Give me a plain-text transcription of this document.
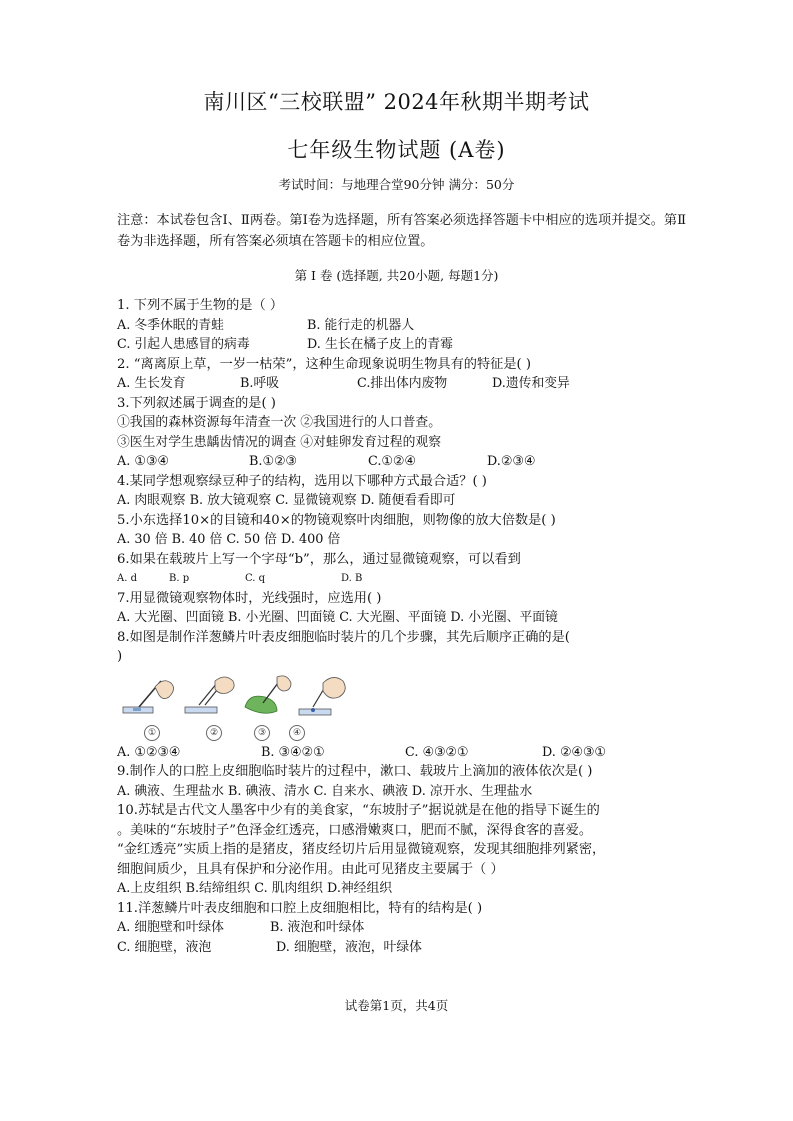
南川区“三校联盟” 2024年秋期半期考试
七年级生物试题 (A卷)
考试时间：与地理合堂90分钟 满分：50分
注意：本试卷包含Ⅰ、Ⅱ两卷。第Ⅰ卷为选择题，所有答案必须选择答题卡中相应的选项并提交。第Ⅱ卷为非选择题，所有答案必须填在答题卡的相应位置。
第 Ⅰ 卷 (选择题, 共20小题, 每题1分)
1. 下列不属于生物的是（ ）
A. 冬季休眠的青蛙	B. 能行走的机器人
C. 引起人患感冒的病毒	D. 生长在橘子皮上的青霉
2. “离离原上草，一岁一枯荣”，这种生命现象说明生物具有的特征是( )
A. 生长发育	B.呼吸	C.排出体内废物	D.遗传和变异
3.下列叙述属于调查的是( )
①我国的森林资源每年清查一次 ②我国进行的人口普查。
③医生对学生患龋齿情况的调查 ④对蛙卵发育过程的观察
A. ①③④	B.①②③	C.①②④	D.②③④
4.某同学想观察绿豆种子的结构，选用以下哪种方式最合适？( )
A. 肉眼观察 B. 放大镜观察 C. 显微镜观察 D. 随便看看即可
5.小东选择10×的目镜和40×的物镜观察叶肉细胞，则物像的放大倍数是( )
A. 30 倍 B. 40 倍 C. 50 倍 D. 400 倍
6.如果在载玻片上写一个字母“b”，那么，通过显微镜观察，可以看到
A. d	B. p	C. q	D. B
7.用显微镜观察物体时，光线强时，应选用( )
A. 大光圈、凹面镜 B. 小光圈、凹面镜 C. 大光圈、平面镜 D. 小光圈、平面镜
8.如图是制作洋葱鳞片叶表皮细胞临时装片的几个步骤，其先后顺序正确的是(
)
①	②	③	④
A. ①②③④	B. ③④②①	C. ④③②①	D. ②④③①
9.制作人的口腔上皮细胞临时装片的过程中，漱口、载玻片上滴加的液体依次是( )
A. 碘液、生理盐水 B. 碘液、清水 C. 自来水、碘液 D. 凉开水、生理盐水
10.苏轼是古代文人墨客中少有的美食家，“东坡肘子”据说就是在他的指导下诞生的
。美味的“东坡肘子”色泽金红透亮，口感滑嫩爽口，肥而不腻，深得食客的喜爱。
“金红透亮”实质上指的是猪皮，猪皮经切片后用显微镜观察，发现其细胞排列紧密，
细胞间质少，且具有保护和分泌作用。由此可见猪皮主要属于（ ）
A.上皮组织 B.结缔组织 C. 肌肉组织 D.神经组织
11.洋葱鳞片叶表皮细胞和口腔上皮细胞相比，特有的结构是( )
A. 细胞壁和叶绿体	B. 液泡和叶绿体
C. 细胞壁，液泡	D. 细胞壁，液泡，叶绿体
试卷第1页，共4页
